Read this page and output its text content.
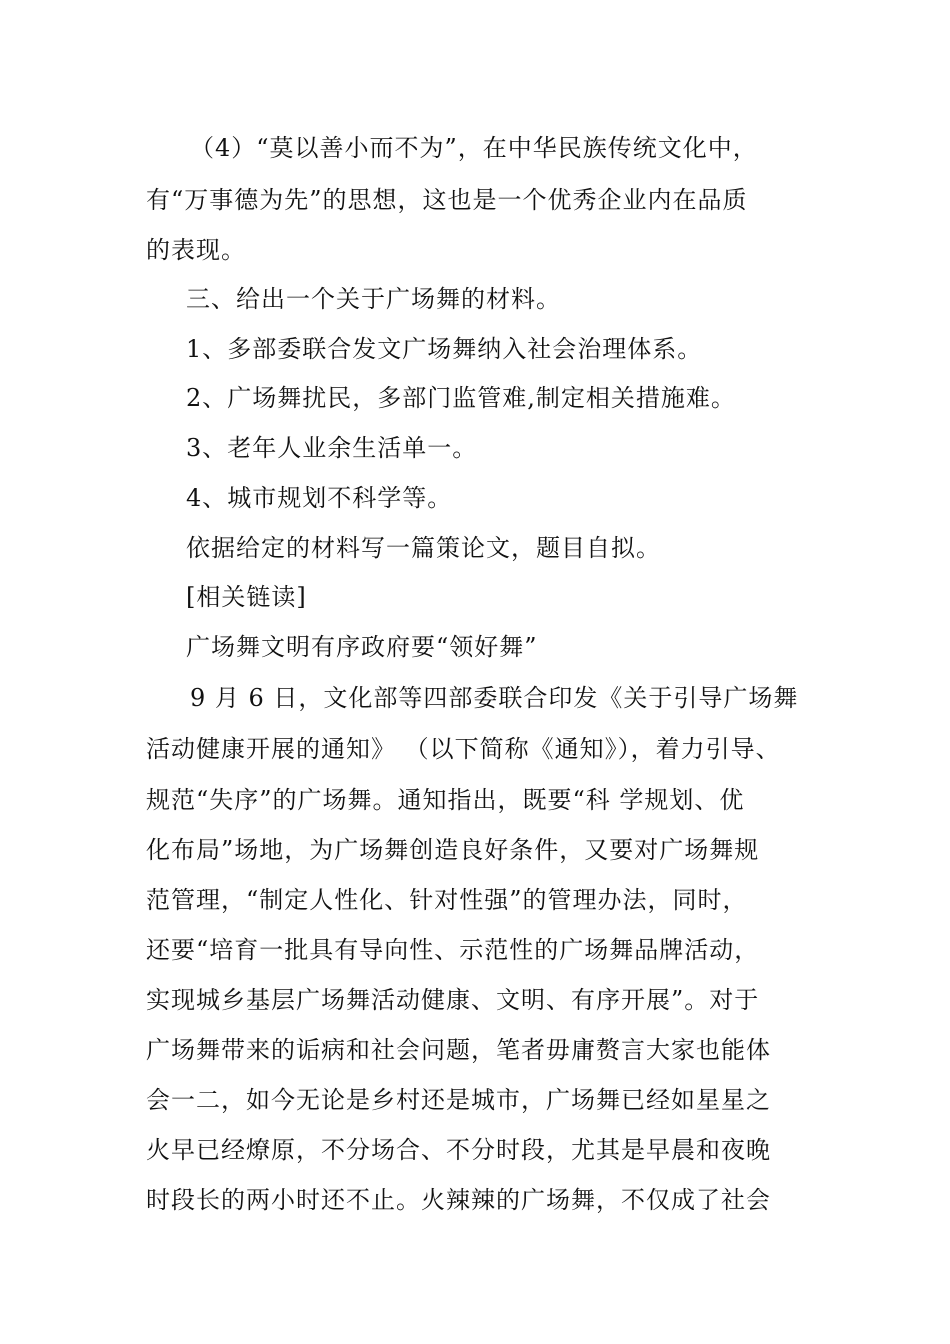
（4）“莫以善小而不为”，在中华民族传统文化中，
有“万事德为先”的思想，这也是一个优秀企业内在品质
的表现。
三、给出一个关于广场舞的材料。
1、多部委联合发文广场舞纳入社会治理体系。
2、广场舞扰民，多部门监管难,制定相关措施难。
3、老年人业余生活单一。
4、城市规划不科学等。
依据给定的材料写一篇策论文，题目自拟。
[相关链读]
广场舞文明有序政府要“领好舞”
9 月 6 日，文化部等四部委联合印发《关于引导广场舞
活动健康开展的通知》 （以下简称《通知》），着力引导、
规范“失序”的广场舞。通知指出，既要“科 学规划、优
化布局”场地，为广场舞创造良好条件，又要对广场舞规
范管理，“制定人性化、针对性强”的管理办法，同时，
还要“培育一批具有导向性、示范性的广场舞品牌活动，
实现城乡基层广场舞活动健康、文明、有序开展”。对于
广场舞带来的诟病和社会问题，笔者毋庸赘言大家也能体
会一二，如今无论是乡村还是城市，广场舞已经如星星之
火早已经燎原，不分场合、不分时段，尤其是早晨和夜晚
时段长的两小时还不止。火辣辣的广场舞，不仅成了社会
